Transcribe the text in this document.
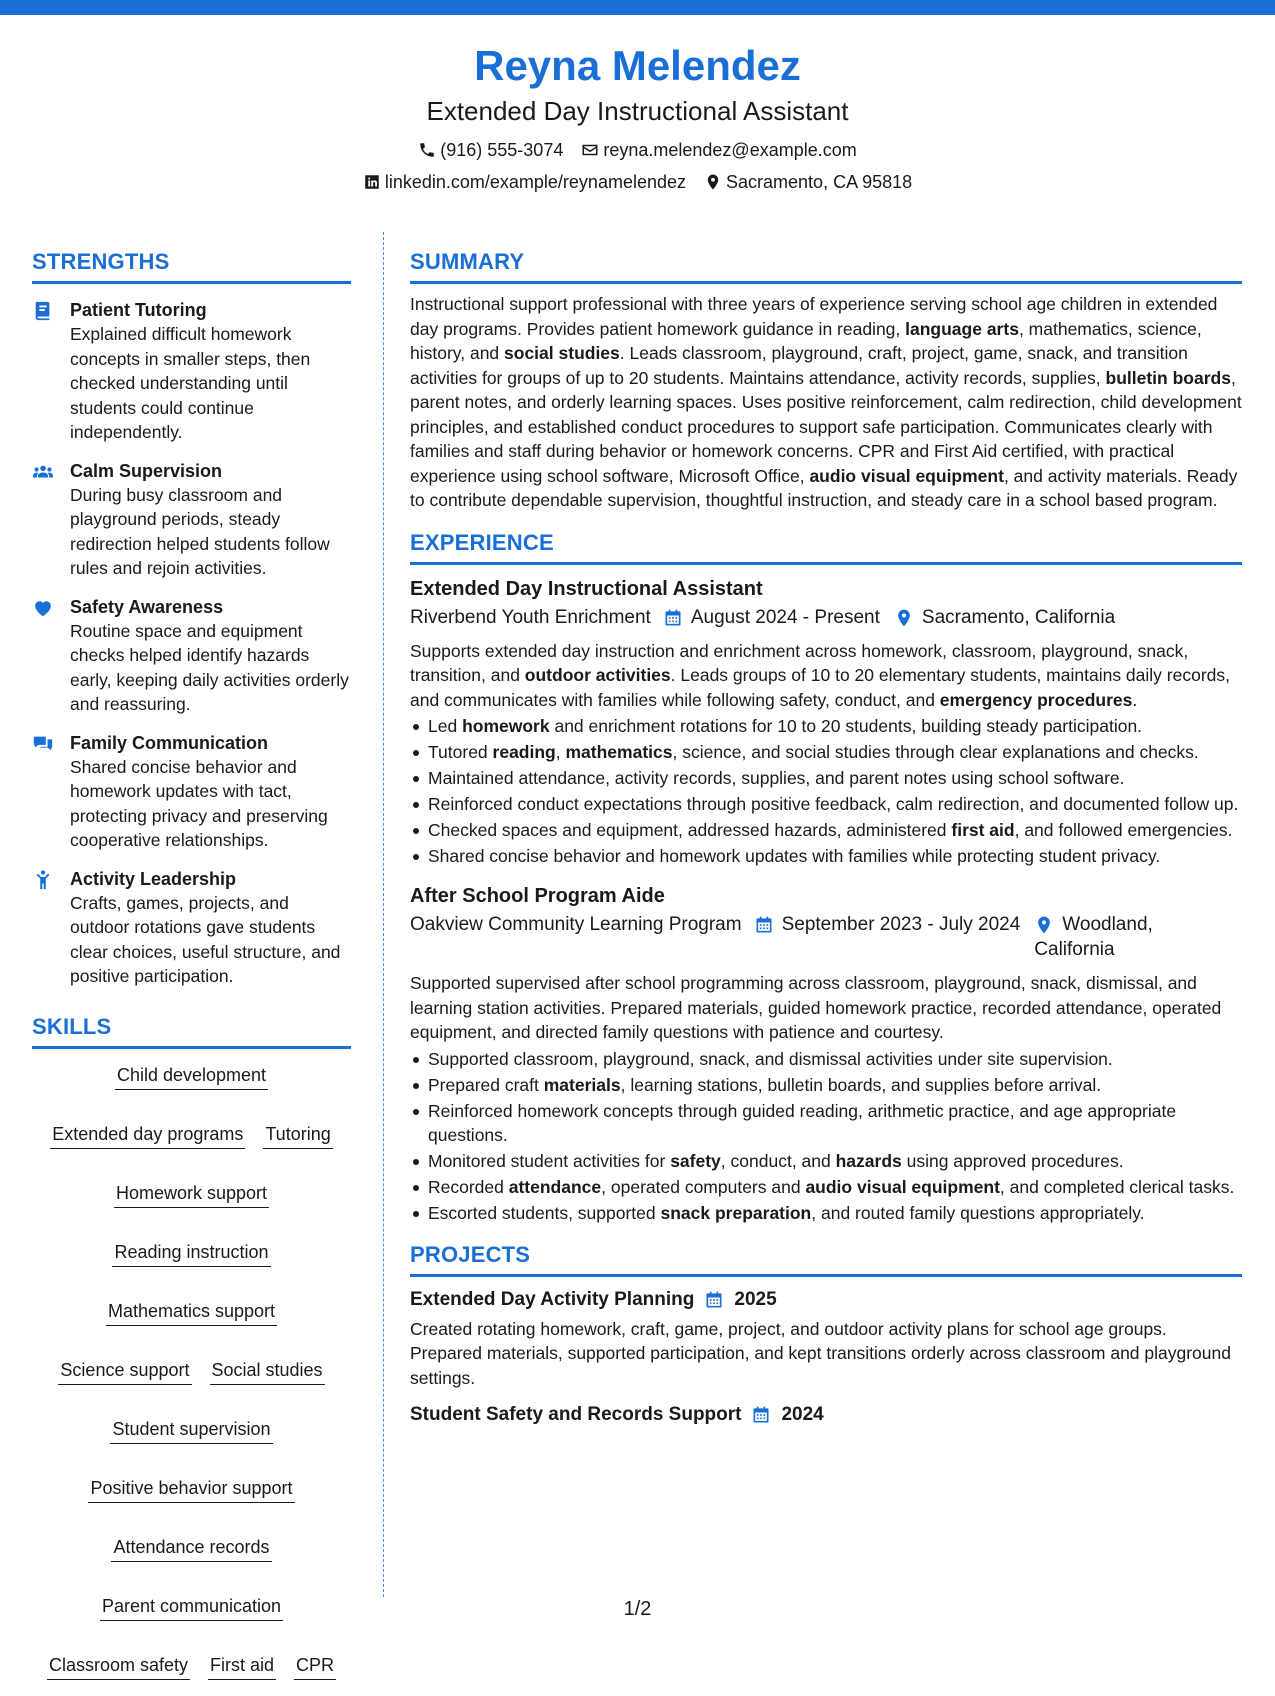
Reyna Melendez
Extended Day Instructional Assistant
(916) 555-3074 reyna.melendez@example.com
linkedin.com/example/reynamelendez Sacramento, CA 95818
STRENGTHS
Patient Tutoring
Explained difficult homework concepts in smaller steps, then checked understanding until students could continue independently.
Calm Supervision
During busy classroom and playground periods, steady redirection helped students follow rules and rejoin activities.
Safety Awareness
Routine space and equipment checks helped identify hazards early, keeping daily activities orderly and reassuring.
Family Communication
Shared concise behavior and homework updates with tact, protecting privacy and preserving cooperative relationships.
Activity Leadership
Crafts, games, projects, and outdoor rotations gave students clear choices, useful structure, and positive participation.
SKILLS
Child development
Extended day programs Tutoring
Homework support
Reading instruction
Mathematics support
Science support Social studies
Student supervision
Positive behavior support
Attendance records
Parent communication
Classroom safety First aid CPR
SUMMARY

Instructional support professional with three years of experience serving school age children in extended day programs. Provides patient homework guidance in reading, language arts, mathematics, science, history, and social studies. Leads classroom, playground, craft, project, game, snack, and transition activities for groups of up to 20 students. Maintains attendance, activity records, supplies, bulletin boards, parent notes, and orderly learning spaces. Uses positive reinforcement, calm redirection, child development principles, and established conduct procedures to support safe participation. Communicates clearly with families and staff during behavior or homework concerns. CPR and First Aid certified, with practical experience using school software, Microsoft Office, audio visual equipment, and activity materials. Ready to contribute dependable supervision, thoughtful instruction, and steady care in a school based program.

EXPERIENCE
Extended Day Instructional Assistant
Riverbend Youth Enrichment August 2024 - Present Sacramento, California

Supports extended day instruction and enrichment across homework, classroom, playground, snack, transition, and outdoor activities. Leads groups of 10 to 20 elementary students, maintains daily records, and communicates with families while following safety, conduct, and emergency procedures.

Led homework and enrichment rotations for 10 to 20 students, building steady participation.
Tutored reading, mathematics, science, and social studies through clear explanations and checks.
Maintained attendance, activity records, supplies, and parent notes using school software.
Reinforced conduct expectations through positive feedback, calm redirection, and documented follow up.
Checked spaces and equipment, addressed hazards, administered first aid, and followed emergencies.
Shared concise behavior and homework updates with families while protecting student privacy.
After School Program Aide
Oakview Community Learning Program September 2023 - July 2024	Woodland, California

Supported supervised after school programming across classroom, playground, snack, dismissal, and learning station activities. Prepared materials, guided homework practice, recorded attendance, operated equipment, and directed family questions with patience and courtesy.

Supported classroom, playground, snack, and dismissal activities under site supervision.
Prepared craft materials, learning stations, bulletin boards, and supplies before arrival.
Reinforced homework concepts through guided reading, arithmetic practice, and age appropriate questions.
Monitored student activities for safety, conduct, and hazards using approved procedures.
Recorded attendance, operated computers and audio visual equipment, and completed clerical tasks.
Escorted students, supported snack preparation, and routed family questions appropriately.
PROJECTS
Extended Day Activity Planning 2025

Created rotating homework, craft, game, project, and outdoor activity plans for school age groups. Prepared materials, supported participation, and kept transitions orderly across classroom and playground settings.

Student Safety and Records Support 2024
1/2
